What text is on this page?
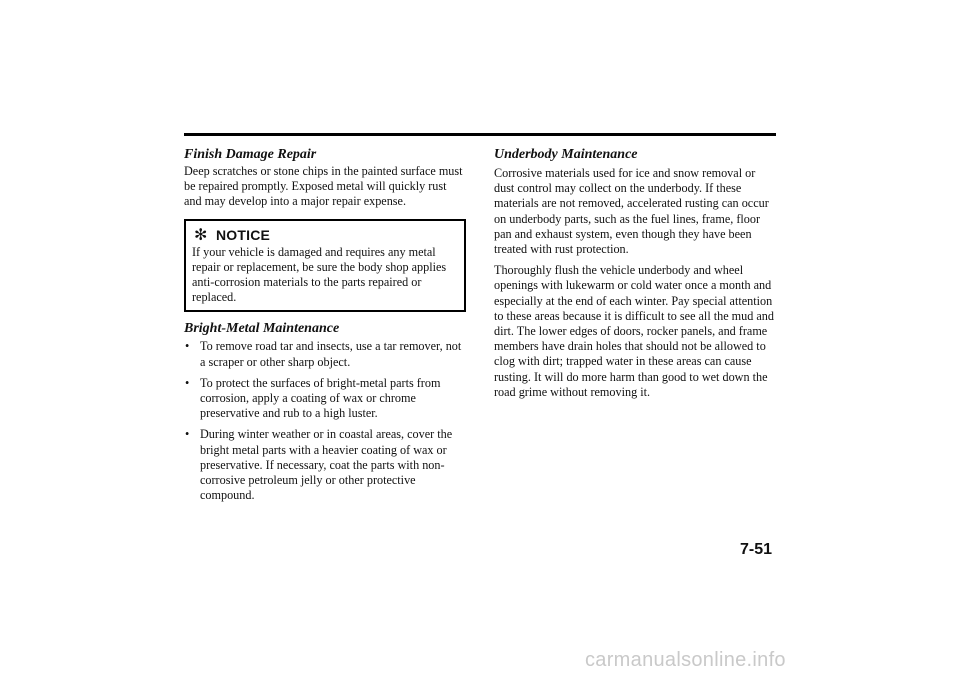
Finish Damage Repair

Deep scratches or stone chips in the painted surface must be repaired promptly. Exposed metal will quickly rust and may develop into a major repair expense.

✻ NOTICE

If your vehicle is damaged and requires any metal repair or replacement, be sure the body shop applies anti-corrosion materials to the parts repaired or replaced.

Bright-Metal Maintenance
• To remove road tar and insects, use a tar remover, not a scraper or other sharp object.
• To protect the surfaces of bright-metal parts from corrosion, apply a coating of wax or chrome preservative and rub to a high luster.
• During winter weather or in coastal areas, cover the bright metal parts with a heavier coating of wax or preservative. If necessary, coat the parts with non-corrosive petroleum jelly or other protective compound.
Underbody Maintenance

Corrosive materials used for ice and snow removal or dust control may collect on the underbody. If these materials are not removed, accelerated rusting can occur on underbody parts, such as the fuel lines, frame, floor pan and exhaust system, even though they have been treated with rust protection.

Thoroughly flush the vehicle underbody and wheel openings with lukewarm or cold water once a month and especially at the end of each winter. Pay special attention to these areas because it is difficult to see all the mud and dirt. The lower edges of doors, rocker panels, and frame members have drain holes that should not be allowed to clog with dirt; trapped water in these areas can cause rusting. It will do more harm than good to wet down the road grime without removing it.

7-51
carmanualsonline.info
